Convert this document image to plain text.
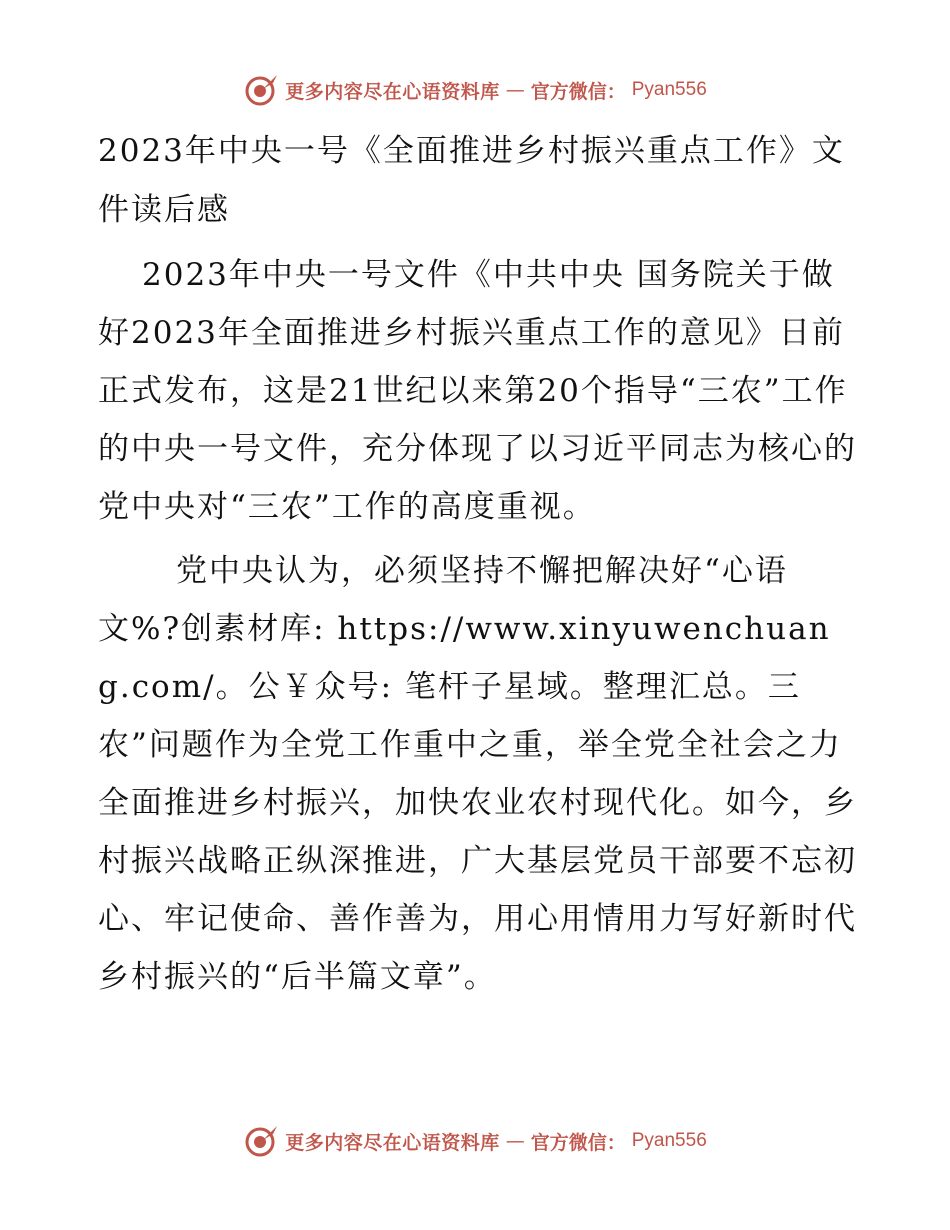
更多内容尽在心语资料库 — 官方微信： Pyan556
2023年中央一号《全面推进乡村振兴重点工作》文件读后感

2023年中央一号文件《中共中央 国务院关于做好2023年全面推进乡村振兴重点工作的意见》日前正式发布，这是21世纪以来第20个指导“三农”工作的中央一号文件，充分体现了以习近平同志为核心的党中央对“三农”工作的高度重视。

党中央认为，必须坚持不懈把解决好“心语文%?创素材库: https://www.xinyuwenchuang.com/。公￥众号: 笔杆子星域。整理汇总。三农”问题作为全党工作重中之重，举全党全社会之力全面推进乡村振兴，加快农业农村现代化。如今，乡村振兴战略正纵深推进，广大基层党员干部要不忘初心、牢记使命、善作善为，用心用情用力写好新时代乡村振兴的“后半篇文章”。

更多内容尽在心语资料库 — 官方微信： Pyan556
